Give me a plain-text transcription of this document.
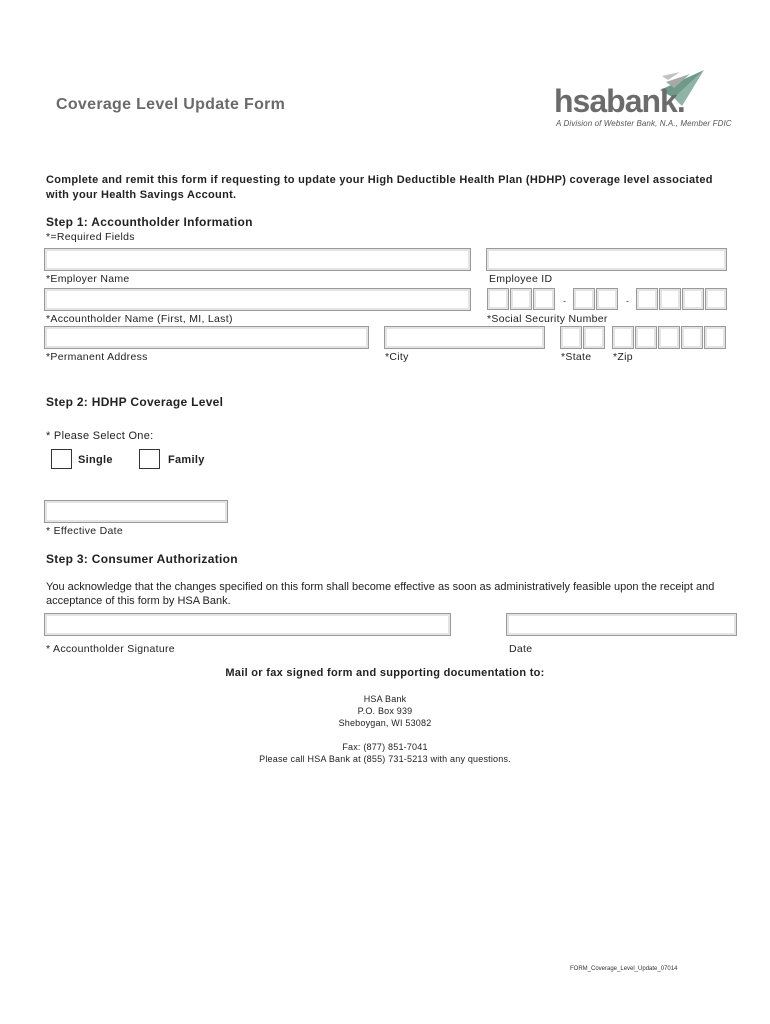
Coverage Level Update Form	hsabank.
A Division of Webster Bank, N.A., Member FDIC
Complete and remit this form if requesting to update your High Deductible Health Plan (HDHP) coverage level associated with your Health Savings Account.
Step 1: Accountholder Information
*=Required Fields
*Employer Name	Employee ID
-	-
*Accountholder Name (First, MI, Last)	*Social Security Number
*Permanent Address	*City	*State *Zip
Step 2: HDHP Coverage Level
* Please Select One:
Single	Family
* Effective Date
Step 3: Consumer Authorization
You acknowledge that the changes specified on this form shall become effective as soon as administratively feasible upon the receipt and acceptance of this form by HSA Bank.
* Accountholder Signature	Date
Mail or fax signed form and supporting documentation to:
HSA Bank
P.O. Box 939
Sheboygan, WI 53082
Fax: (877) 851-7041
Please call HSA Bank at (855) 731-5213 with any questions.
FORM_Coverage_Level_Update_07014
